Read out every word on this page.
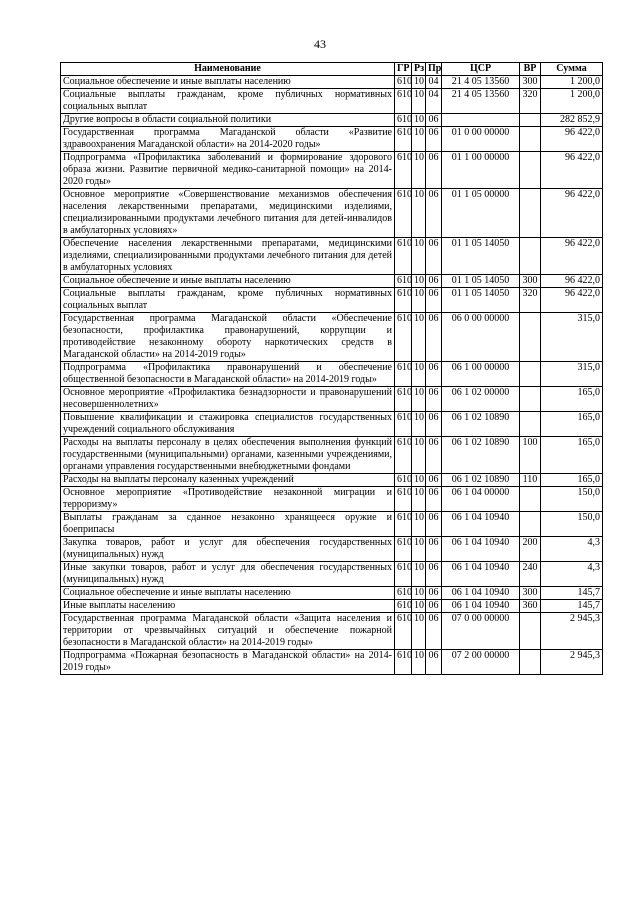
43
Наименование	ГР	Рз	Пр	ЦСР	ВР	Сумма
Социальное обеспечение и иные выплаты населению	610	10	04	21 4 05 13560	300	1 200,0
Социальные выплаты гражданам, кроме публичных нормативных социальных выплат	610	10	04	21 4 05 13560	320	1 200,0
Другие вопросы в области социальной политики	610	10	06			282 852,9
Государственная программа Магаданской области «Развитие здравоохранения Магаданской области» на 2014-2020 годы»	610	10	06	01 0 00 00000		96 422,0
Подпрограмма «Профилактика заболеваний и формирование здорового образа жизни. Развитие первичной медико-санитарной помощи» на 2014-2020 годы»	610	10	06	01 1 00 00000		96 422,0
Основное мероприятие «Совершенствование механизмов обеспечения населения лекарственными препаратами, медицинскими изделиями, специализированными продуктами лечебного питания для детей-инвалидов в амбулаторных условиях»	610	10	06	01 1 05 00000		96 422,0
Обеспечение населения лекарственными препаратами, медицинскими изделиями, специализированными продуктами лечебного питания для детей в амбулаторных условиях	610	10	06	01 1 05 14050		96 422,0
Социальное обеспечение и иные выплаты населению	610	10	06	01 1 05 14050	300	96 422,0
Социальные выплаты гражданам, кроме публичных нормативных социальных выплат	610	10	06	01 1 05 14050	320	96 422,0
Государственная программа Магаданской области «Обеспечение безопасности, профилактика правонарушений, коррупции и противодействие незаконному обороту наркотических средств в Магаданской области» на 2014-2019 годы»	610	10	06	06 0 00 00000		315,0
Подпрограмма «Профилактика правонарушений и обеспечение общественной безопасности в Магаданской области» на 2014-2019 годы»	610	10	06	06 1 00 00000		315,0
Основное мероприятие «Профилактика безнадзорности и правонарушений несовершеннолетних»	610	10	06	06 1 02 00000		165,0
Повышение квалификации и стажировка специалистов государственных учреждений социального обслуживания	610	10	06	06 1 02 10890		165,0
Расходы на выплаты персоналу в целях обеспечения выполнения функций государственными (муниципальными) органами, казенными учреждениями, органами управления государственными внебюджетными фондами	610	10	06	06 1 02 10890	100	165,0
Расходы на выплаты персоналу казенных учреждений	610	10	06	06 1 02 10890	110	165,0
Основное мероприятие «Противодействие незаконной миграции и терроризму»	610	10	06	06 1 04 00000		150,0
Выплаты гражданам за сданное незаконно хранящееся оружие и боеприпасы	610	10	06	06 1 04 10940		150,0
Закупка товаров, работ и услуг для обеспечения государственных (муниципальных) нужд	610	10	06	06 1 04 10940	200	4,3
Иные закупки товаров, работ и услуг для обеспечения государственных (муниципальных) нужд	610	10	06	06 1 04 10940	240	4,3
Социальное обеспечение и иные выплаты населению	610	10	06	06 1 04 10940	300	145,7
Иные выплаты населению	610	10	06	06 1 04 10940	360	145,7
Государственная программа Магаданской области «Защита населения и территории от чрезвычайных ситуаций и обеспечение пожарной безопасности в Магаданской области» на 2014-2019 годы»	610	10	06	07 0 00 00000		2 945,3
Подпрограмма «Пожарная безопасность в Магаданской области» на 2014-2019 годы»	610	10	06	07 2 00 00000		2 945,3
